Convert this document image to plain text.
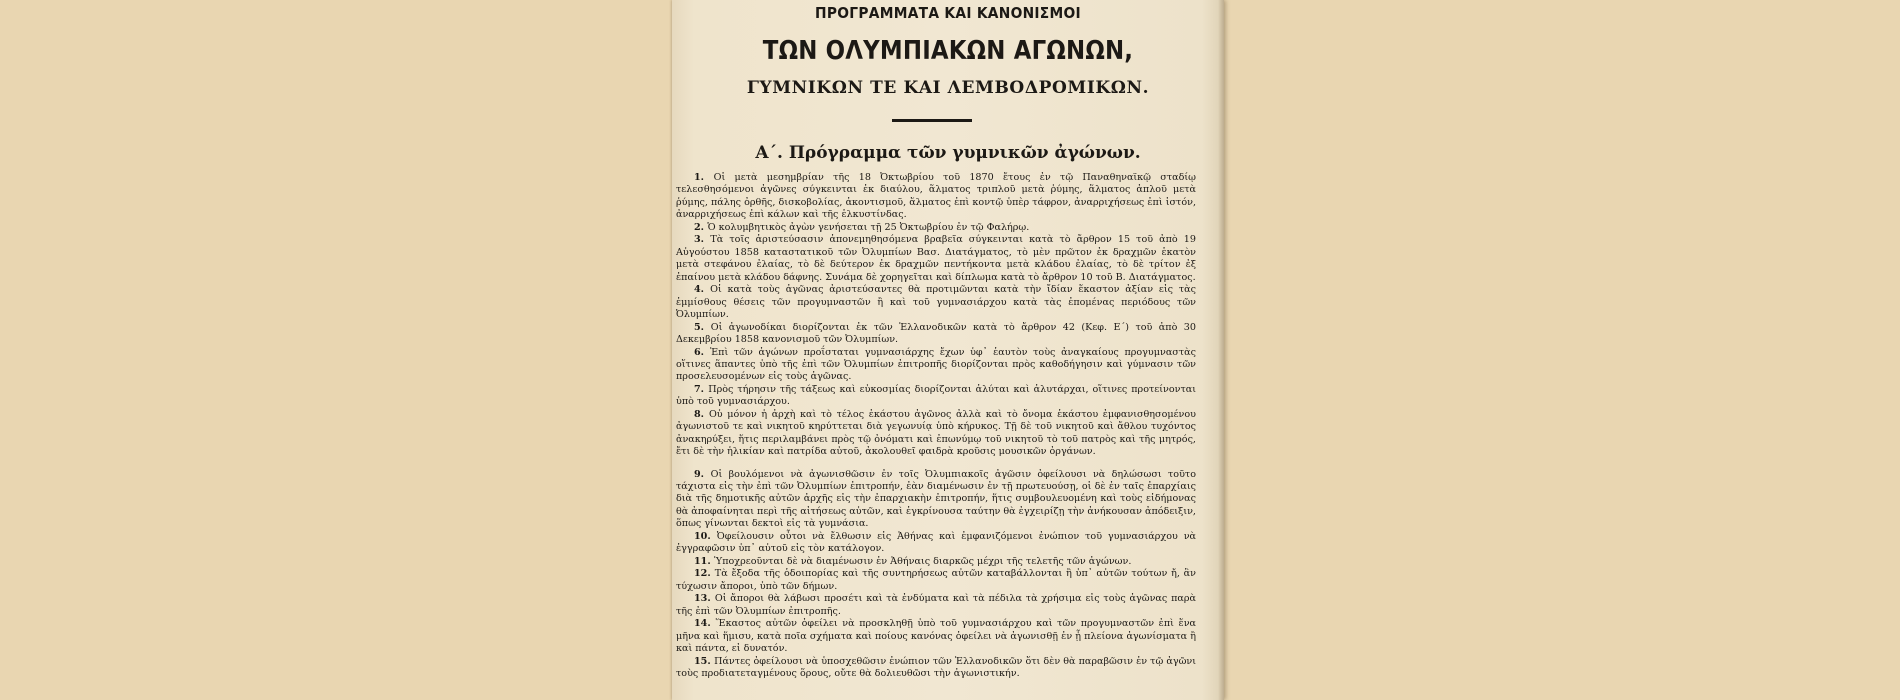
ΠΡΟΓΡΑΜΜΑΤΑ ΚΑΙ ΚΑΝΟΝΙΣΜΟΙ
ΤΩΝ ΟΛΥΜΠΙΑΚΩΝ ΑΓΩΝΩΝ,
ΓΥΜΝΙΚΩΝ ΤΕ ΚΑΙ ΛΕΜΒΟΔΡΟΜΙΚΩΝ.
Α΄. Πρόγραμμα τῶν γυμνικῶν ἀγώνων.

1. Οἱ μετὰ μεσημβρίαν τῆς 18 Ὀκτωβρίου τοῦ 1870 ἔτους ἐν τῷ Παναθηναϊκῷ σταδίῳ τελεσθησόμενοι ἀγῶνες σύγκεινται ἐκ διαύλου, ἅλματος τριπλοῦ μετὰ ῥύμης, ἅλματος ἁπλοῦ μετὰ ῥύμης, πάλης ὀρθῆς, δισκοβολίας, ἀκοντισμοῦ, ἅλματος ἐπὶ κοντῷ ὑπὲρ τάφρον, ἀναρριχήσεως ἐπὶ ἱστόν, ἀναρριχήσεως ἐπὶ κάλων καὶ τῆς ἑλκυστίνδας.

2. Ὁ κολυμβητικὸς ἀγὼν γενήσεται τῇ 25 Ὀκτωβρίου ἐν τῷ Φαλήρῳ.

3. Τὰ τοῖς ἀριστεύσασιν ἀπονεμηθησόμενα βραβεῖα σύγκεινται κατὰ τὸ ἄρθρον 15 τοῦ ἀπὸ 19 Αὐγούστου 1858 καταστατικοῦ τῶν Ὀλυμπίων Βασ. Διατάγματος, τὸ μὲν πρῶτον ἐκ δραχμῶν ἑκατὸν μετὰ στεφάνου ἐλαίας, τὸ δὲ δεύτερον ἐκ δραχμῶν πεντήκοντα μετὰ κλάδου ἐλαίας, τὸ δὲ τρίτον ἐξ ἐπαίνου μετὰ κλάδου δάφνης. Συνάμα δὲ χορηγεῖται καὶ δίπλωμα κατὰ τὸ ἄρθρον 10 τοῦ Β. Διατάγματος.

4. Οἱ κατὰ τοὺς ἀγῶνας ἀριστεύσαντες θὰ προτιμῶνται κατὰ τὴν ἴδίαν ἕκαστον ἀξίαν εἰς τὰς ἐμμίσθους θέσεις τῶν προγυμναστῶν ἢ καὶ τοῦ γυμνασιάρχου κατὰ τὰς ἐπομένας περιόδους τῶν Ὀλυμπίων.

5. Οἱ ἀγωνοδίκαι διορίζονται ἐκ τῶν Ἑλλανοδικῶν κατὰ τὸ ἄρθρον 42 (Κεφ. Ε΄) τοῦ ἀπὸ 30 Δεκεμβρίου 1858 κανονισμοῦ τῶν Ὀλυμπίων.

6. Ἐπὶ τῶν ἀγώνων προΐσταται γυμνασιάρχης ἔχων ὑφ᾽ ἑαυτὸν τοὺς ἀναγκαίους προγυμναστὰς οἵτινες ἅπαντες ὑπὸ τῆς ἐπὶ τῶν Ὀλυμπίων ἐπιτροπῆς διορίζονται πρὸς καθοδήγησιν καὶ γύμνασιν τῶν προσελευσομένων εἰς τοὺς ἀγῶνας.

7. Πρὸς τήρησιν τῆς τάξεως καὶ εὐκοσμίας διορίζονται ἀλύται καὶ ἀλυτάρχαι, οἵτινες προτείνονται ὑπὸ τοῦ γυμνασιάρχου.

8. Οὐ μόνον ἡ ἀρχὴ καὶ τὸ τέλος ἑκάστου ἀγῶνος ἀλλὰ καὶ τὸ ὄνομα ἑκάστου ἐμφανισθησομένου ἀγωνιστοῦ τε καὶ νικητοῦ κηρύττεται διὰ γεγωνυίᾳ ὑπὸ κήρυκος. Τῇ δὲ τοῦ νικητοῦ καὶ ἄθλου τυχόντος ἀνακηρύξει, ἥτις περιλαμβάνει πρὸς τῷ ὀνόματι καὶ ἐπωνύμῳ τοῦ νικητοῦ τὸ τοῦ πατρὸς καὶ τῆς μητρός, ἔτι δὲ τὴν ἡλικίαν καὶ πατρίδα αὐτοῦ, ἀκολουθεῖ φαιδρὰ κροῦσις μουσικῶν ὀργάνων.

9. Οἱ βουλόμενοι νὰ ἀγωνισθῶσιν ἐν τοῖς Ὀλυμπιακοῖς ἀγῶσιν ὀφείλουσι νὰ δηλώσωσι τοῦτο τάχιστα εἰς τὴν ἐπὶ τῶν Ὀλυμπίων ἐπιτροπήν, ἐὰν διαμένωσιν ἐν τῇ πρωτευούσῃ, οἱ δὲ ἐν ταῖς ἐπαρχίαις διὰ τῆς δημοτικῆς αὐτῶν ἀρχῆς εἰς τὴν ἐπαρχιακὴν ἐπιτροπήν, ἥτις συμβουλευομένη καὶ τοὺς εἰδήμονας θὰ ἀποφαίνηται περὶ τῆς αἰτήσεως αὐτῶν, καὶ ἐγκρίνουσα ταύτην θὰ ἐγχειρίζῃ τὴν ἀνήκουσαν ἀπόδειξιν, ὅπως γίνωνται δεκτοὶ εἰς τὰ γυμνάσια.

10. Ὀφείλουσιν οὗτοι νὰ ἔλθωσιν εἰς Ἀθήνας καὶ ἐμφανιζόμενοι ἐνώπιον τοῦ γυμνασιάρχου νὰ ἐγγραφῶσιν ὑπ᾽ αὐτοῦ εἰς τὸν κατάλογον.

11. Ὑποχρεοῦνται δὲ νὰ διαμένωσιν ἐν Ἀθήναις διαρκῶς μέχρι τῆς τελετῆς τῶν ἀγώνων.

12. Τὰ ἔξοδα τῆς ὁδοιπορίας καὶ τῆς συντηρήσεως αὐτῶν καταβάλλονται ἢ ὑπ᾽ αὐτῶν τούτων ἤ, ἂν τύχωσιν ἄποροι, ὑπὸ τῶν δήμων.

13. Οἱ ἄποροι θὰ λάβωσι προσέτι καὶ τὰ ἐνδύματα καὶ τὰ πέδιλα τὰ χρήσιμα εἰς τοὺς ἀγῶνας παρὰ τῆς ἐπὶ τῶν Ὀλυμπίων ἐπιτροπῆς.

14. Ἕκαστος αὐτῶν ὀφείλει νὰ προσκληθῇ ὑπὸ τοῦ γυμνασιάρχου καὶ τῶν προγυμναστῶν ἐπὶ ἕνα μῆνα καὶ ἥμισυ, κατὰ ποῖα σχήματα καὶ ποίους κανόνας ὀφείλει νὰ ἀγωνισθῇ ἐν ᾗ πλείονα ἀγωνίσματα ἢ καὶ πάντα, εἰ δυνατόν.

15. Πάντες ὀφείλουσι νὰ ὑποσχεθῶσιν ἐνώπιον τῶν Ἑλλανοδικῶν ὅτι δὲν θὰ παραβῶσιν ἐν τῷ ἀγῶνι τοὺς προδιατεταγμένους ὅρους, οὔτε θὰ δολιευθῶσι τὴν ἀγωνιστικήν.
